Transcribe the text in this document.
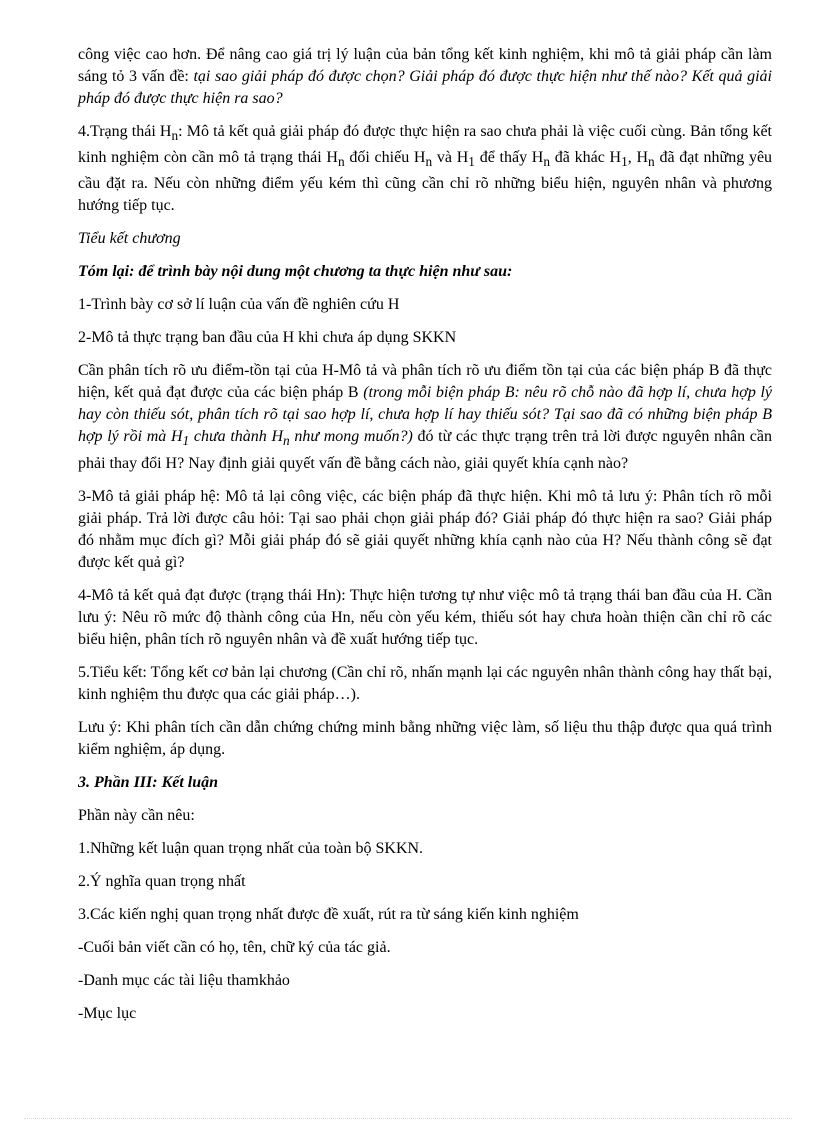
công việc cao hơn. Để nâng cao giá trị lý luận của bản tổng kết kinh nghiệm, khi mô tả giải pháp cần làm sáng tỏ 3 vấn đề: tại sao giải pháp đó được chọn? Giải pháp đó được thực hiện như thế nào? Kết quả giải pháp đó được thực hiện ra sao?

4.Trạng thái $H_n$: Mô tả kết quả giải pháp đó được thực hiện ra sao chưa phải là việc cuối cùng. Bản tổng kết kinh nghiệm còn cần mô tả trạng thái $H_n$ đối chiếu $H_n$ và $H_1$ để thấy $H_n$ đã khác $H_1$, $H_n$ đã đạt những yêu cầu đặt ra. Nếu còn những điểm yếu kém thì cũng cần chỉ rõ những biểu hiện, nguyên nhân và phương hướng tiếp tục.

Tiểu kết chương

Tóm lại: để trình bày nội dung một chương ta thực hiện như sau:

1-Trình bày cơ sở lí luận của vấn đề nghiên cứu H

2-Mô tả thực trạng ban đầu của H khi chưa áp dụng SKKN

Cần phân tích rõ ưu điểm-tồn tại của H-Mô tả và phân tích rõ ưu điểm tồn tại của các biện pháp B đã thực hiện, kết quả đạt được của các biện pháp B (trong mỗi biện pháp B: nêu rõ chỗ nào đã hợp lí, chưa hợp lý hay còn thiếu sót, phân tích rõ tại sao hợp lí, chưa hợp lí hay thiếu sót? Tại sao đã có những biện pháp B hợp lý rồi mà $H_1$ chưa thành $H_n$ như mong muốn?) đó từ các thực trạng trên trả lời được nguyên nhân cần phải thay đổi H? Nay định giải quyết vấn đề bằng cách nào, giải quyết khía cạnh nào?

3-Mô tả giải pháp hệ: Mô tả lại công việc, các biện pháp đã thực hiện. Khi mô tả lưu ý: Phân tích rõ mỗi giải pháp. Trả lời được câu hỏi: Tại sao phải chọn giải pháp đó? Giải pháp đó thực hiện ra sao? Giải pháp đó nhằm mục đích gì? Mỗi giải pháp đó sẽ giải quyết những khía cạnh nào của H? Nếu thành công sẽ đạt được kết quả gì?

4-Mô tả kết quả đạt được (trạng thái Hn): Thực hiện tương tự như việc mô tả trạng thái ban đầu của H. Cần lưu ý: Nêu rõ mức độ thành công của Hn, nếu còn yếu kém, thiếu sót hay chưa hoàn thiện cần chỉ rõ các biểu hiện, phân tích rõ nguyên nhân và đề xuất hướng tiếp tục.

5.Tiểu kết: Tổng kết cơ bản lại chương (Cần chỉ rõ, nhấn mạnh lại các nguyên nhân thành công hay thất bại, kinh nghiệm thu được qua các giải pháp…).

Lưu ý: Khi phân tích cần dẫn chứng chứng minh bằng những việc làm, số liệu thu thập được qua quá trình kiểm nghiệm, áp dụng.

3. Phần III: Kết luận

Phần này cần nêu:

1.Những kết luận quan trọng nhất của toàn bộ SKKN.

2.Ý nghĩa quan trọng nhất

3.Các kiến nghị quan trọng nhất được đề xuất, rút ra từ sáng kiến kinh nghiệm

-Cuối bản viết cần có họ, tên, chữ ký của tác giả.

-Danh mục các tài liệu thamkhảo

-Mục lục
